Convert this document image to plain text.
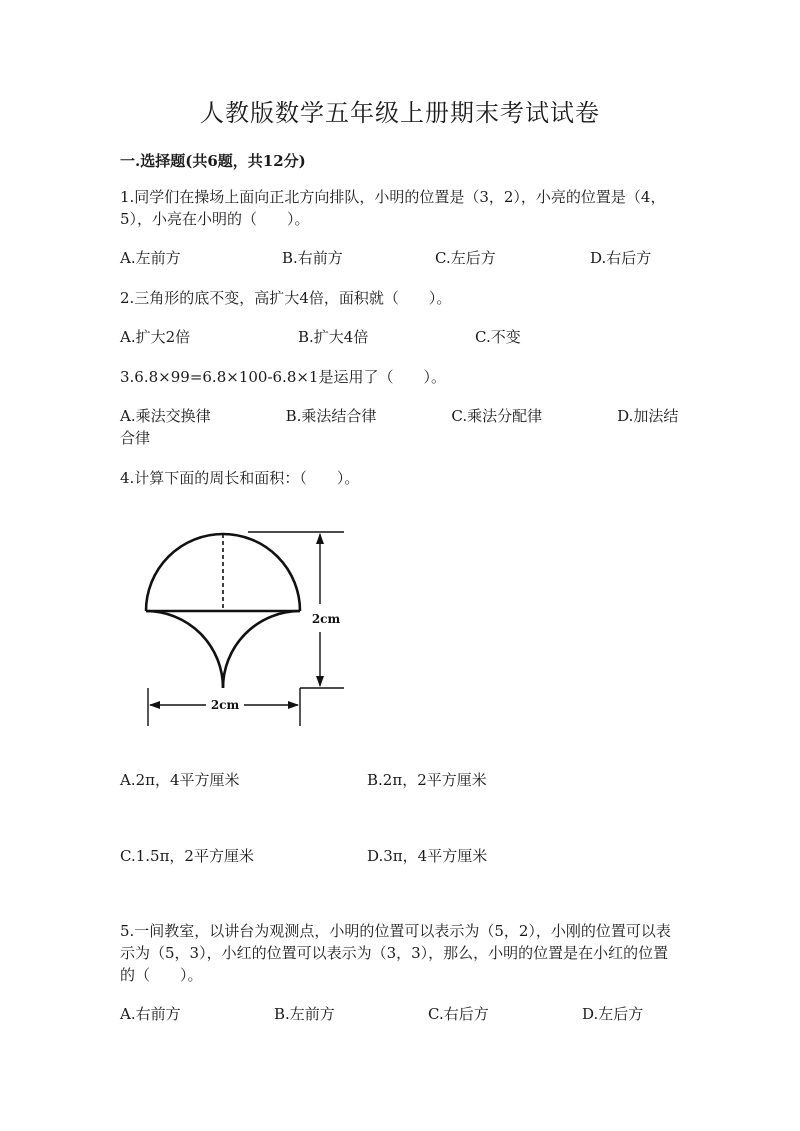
人教版数学五年级上册期末考试试卷
一.选择题(共6题，共12分)
1.同学们在操场上面向正北方向排队，小明的位置是（3，2），小亮的位置是（4，5），小亮在小明的（　　）。
A.左前方	B.右前方	C.左后方	D.右后方
2.三角形的底不变，高扩大4倍，面积就（　　）。
A.扩大2倍	B.扩大4倍	C.不变
3.6.8×99=6.8×100-6.8×1是运用了（　　）。
A.乘法交换律　　　　　B.乘法结合律　　　　　C.乘法分配律　　　　　D.加法结合律
4.计算下面的周长和面积：（　　）。
2cm
2cm
A.2π，4平方厘米	B.2π，2平方厘米
C.1.5π，2平方厘米	D.3π，4平方厘米
5.一间教室，以讲台为观测点，小明的位置可以表示为（5，2），小刚的位置可以表示为（5，3），小红的位置可以表示为（3，3），那么，小明的位置是在小红的位置的（　　）。
A.右前方	B.左前方	C.右后方	D.左后方
